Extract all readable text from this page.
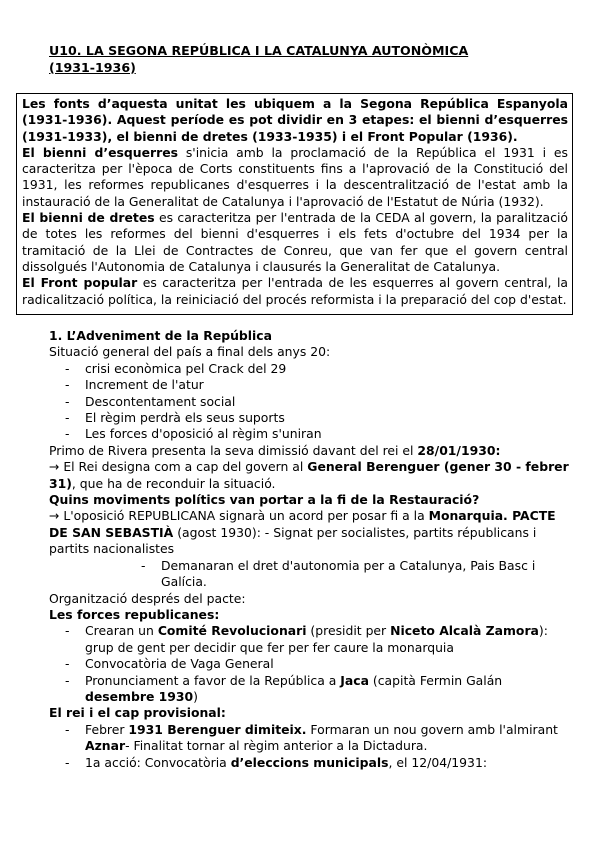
U10. LA SEGONA REPÚBLICA I LA CATALUNYA AUTONÒMICA
(1931-1936)

Les fonts d’aquesta unitat les ubiquem a la Segona República Espanyola (1931-1936). Aquest període es pot dividir en 3 etapes: el bienni d’esquerres (1931-1933), el bienni de dretes (1933-1935) i el Front Popular (1936).

El bienni d’esquerres s'inicia amb la proclamació de la República el 1931 i es caracteritza per l'època de Corts constituents fins a l'aprovació de la Constitució del 1931, les reformes republicanes d'esquerres i la descentralització de l'estat amb la instauració de la Generalitat de Catalunya i l'aprovació de l'Estatut de Núria (1932).

El bienni de dretes es caracteritza per l'entrada de la CEDA al govern, la paralització de totes les reformes del bienni d'esquerres i els fets d'octubre del 1934 per la tramitació de la Llei de Contractes de Conreu, que van fer que el govern central dissolgués l'Autonomia de Catalunya i clausurés la Generalitat de Catalunya.

El Front popular es caracteritza per l'entrada de les esquerres al govern central, la radicalització política, la reiniciació del procés reformista i la preparació del cop d'estat.

1. L’Adveniment de la República

Situació general del país a final dels anys 20:

- crisi econòmica pel Crack del 29

- Increment de l'atur

- Descontentament social

- El règim perdrà els seus suports

- Les forces d'oposició al règim s'uniran

Primo de Rivera presenta la seva dimissió davant del rei el 28/01/1930:

→ El Rei designa com a cap del govern al General Berenguer (gener 30 - febrer 31), que ha de reconduir la situació.

Quins moviments polítics van portar a la fi de la Restauració?

→ L'oposició REPUBLICANA signarà un acord per posar fi a la Monarquia. PACTE DE SAN SEBASTIÀ (agost 1930): - Signat per socialistes, partits républicans i partits nacionalistes

- Demanaran el dret d'autonomia per a Catalunya, Pais Basc i Galícia.

Organització després del pacte:

Les forces republicanes:

- Crearan un Comité Revolucionari (presidit per Niceto Alcalà Zamora): grup de gent per decidir que fer per fer caure la monarquia

- Convocatòria de Vaga General

- Pronunciament a favor de la República a Jaca (capità Fermin Galán desembre 1930)

El rei i el cap provisional:

- Febrer 1931 Berenguer dimiteix. Formaran un nou govern amb l'almirant Aznar- Finalitat tornar al règim anterior a la Dictadura.

- 1a acció: Convocatòria d’eleccions municipals, el 12/04/1931:
